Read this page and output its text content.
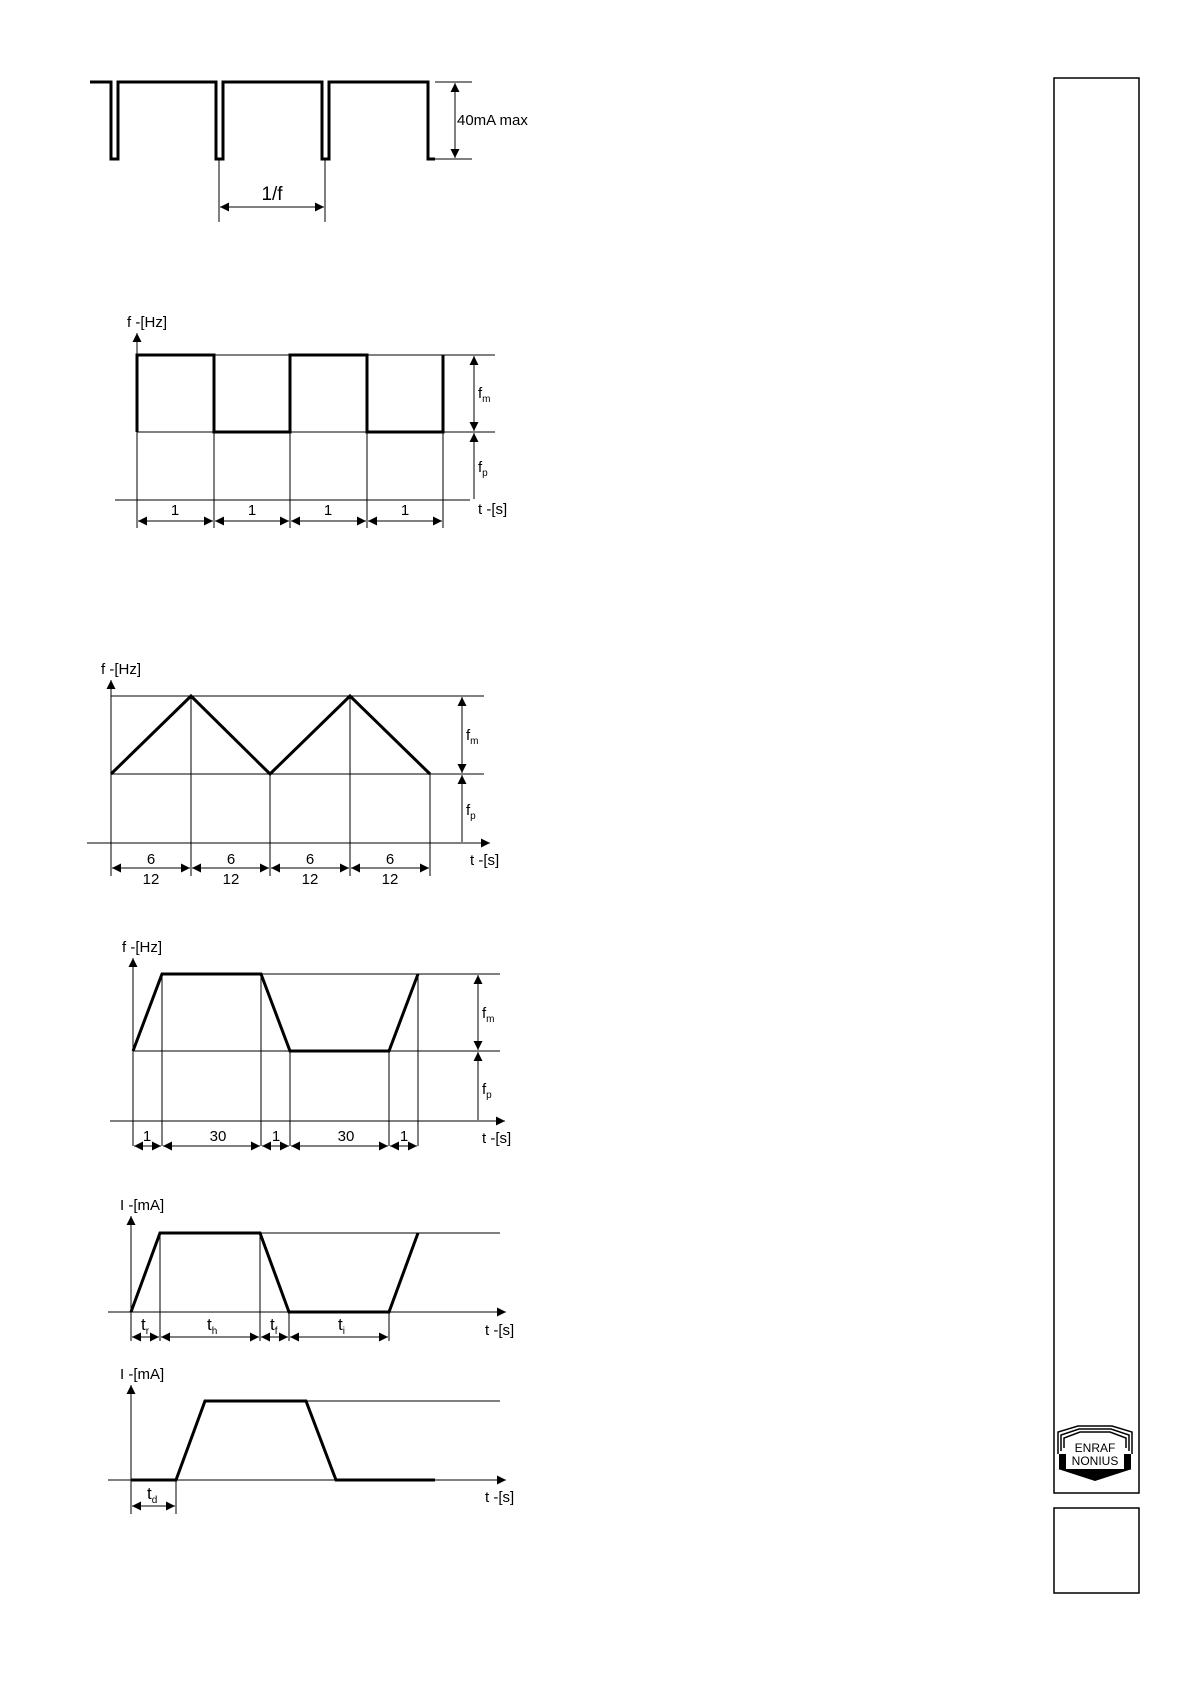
40mA max
1/f
f -[Hz]
t -[s]
$f_m$
$f_p$
1	1	1	1
f -[Hz]
t -[s]
$f_m$
$f_p$
6	6	6	6
12	12	12	12
f -[Hz]
t -[s]
$f_m$
$f_p$
1	30	1	30	1
I -[mA]
t -[s]
$t_r$	$t_h$	$t_f$	$t_i$
I -[mA]
t -[s]
$t_d$
ENRAF
NONIUS
